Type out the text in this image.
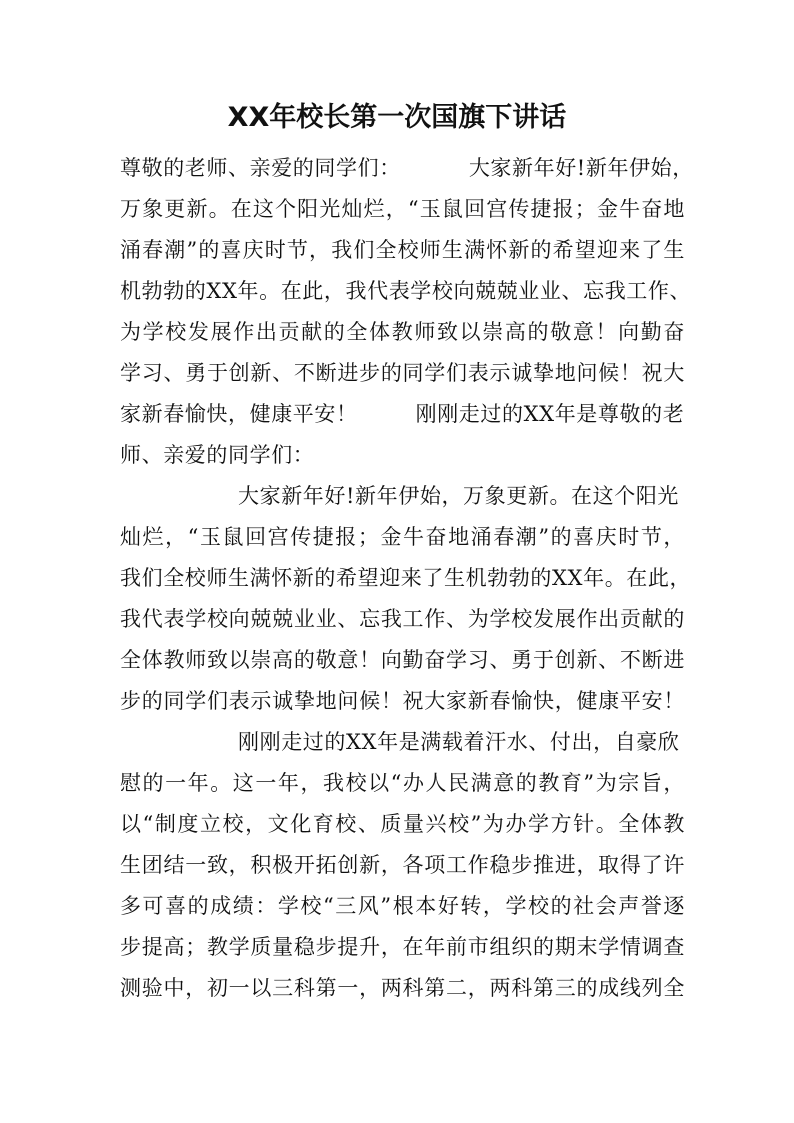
XX年校长第一次国旗下讲话
尊敬的老师、亲爱的同学们：	大家新年好!新年伊始，
万象更新。在这个阳光灿烂，“玉鼠回宫传捷报；金牛奋地
涌春潮”的喜庆时节，我们全校师生满怀新的希望迎来了生
机勃勃的XX年。在此，我代表学校向兢兢业业、忘我工作、
为学校发展作出贡献的全体教师致以崇高的敬意！向勤奋
学习、勇于创新、不断进步的同学们表示诚挚地问候！祝大
家新春愉快，健康平安！	刚刚走过的XX年是尊敬的老
师、亲爱的同学们：
大家新年好!新年伊始，万象更新。在这个阳光
灿烂，“玉鼠回宫传捷报；金牛奋地涌春潮”的喜庆时节，
我们全校师生满怀新的希望迎来了生机勃勃的XX年。在此，
我代表学校向兢兢业业、忘我工作、为学校发展作出贡献的
全体教师致以崇高的敬意！向勤奋学习、勇于创新、不断进
步的同学们表示诚挚地问候！祝大家新春愉快，健康平安！
刚刚走过的XX年是满载着汗水、付出，自豪欣
慰的一年。这一年，我校以“办人民满意的教育”为宗旨，
以“制度立校，文化育校、质量兴校”为办学方针。全体教
生团结一致，积极开拓创新，各项工作稳步推进，取得了许
多可喜的成绩：学校“三风”根本好转，学校的社会声誉逐
步提高；教学质量稳步提升，在年前市组织的期末学情调查
测验中，初一以三科第一，两科第二，两科第三的成线列全
